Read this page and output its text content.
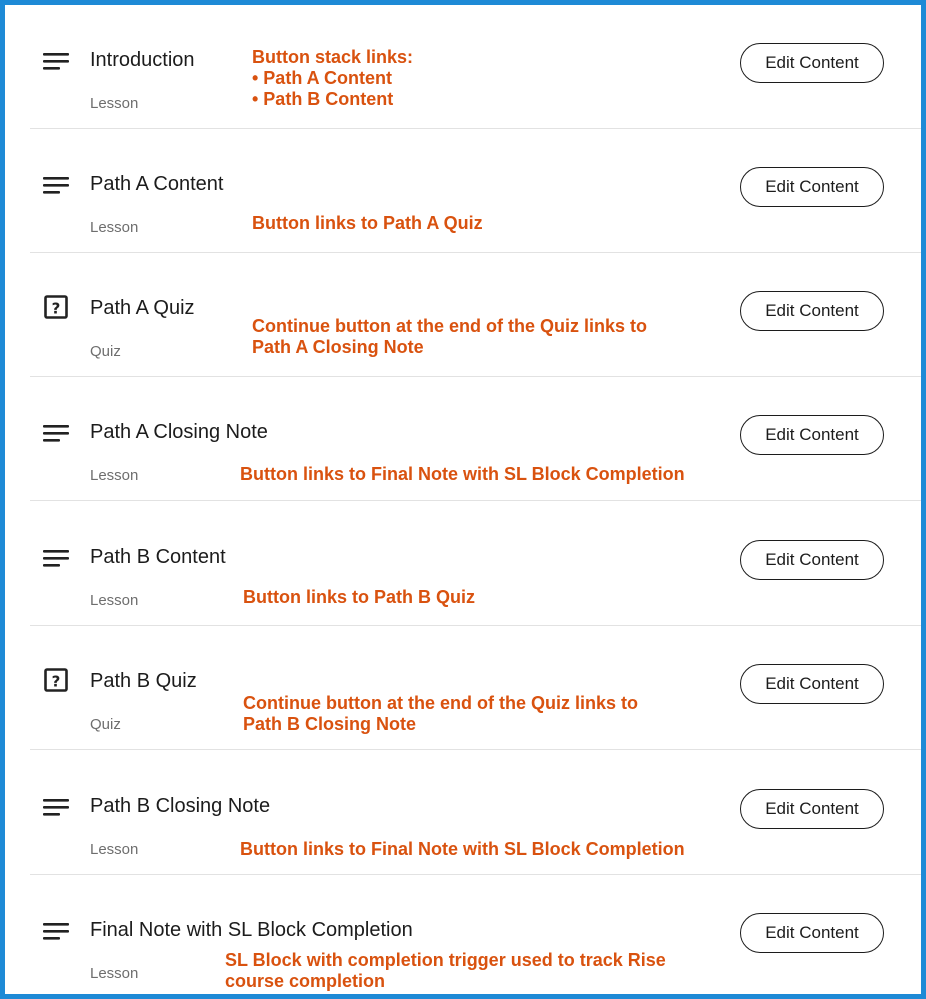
Introduction
Lesson
Button stack links:
• Path A Content
• Path B Content
Edit Content
Path A Content
Lesson	Button links to Path A Quiz
Edit Content
? Path A Quiz
Quiz
Continue button at the end of the Quiz links to
Path A Closing Note
Edit Content
Path A Closing Note
Lesson	Button links to Final Note with SL Block Completion
Edit Content
Path B Content
Lesson	Button links to Path B Quiz
Edit Content
? Path B Quiz
Quiz
Continue button at the end of the Quiz links to
Path B Closing Note
Edit Content
Path B Closing Note
Lesson	Button links to Final Note with SL Block Completion
Edit Content
Final Note with SL Block Completion
Lesson
SL Block with completion trigger used to track Rise
course completion
Edit Content
